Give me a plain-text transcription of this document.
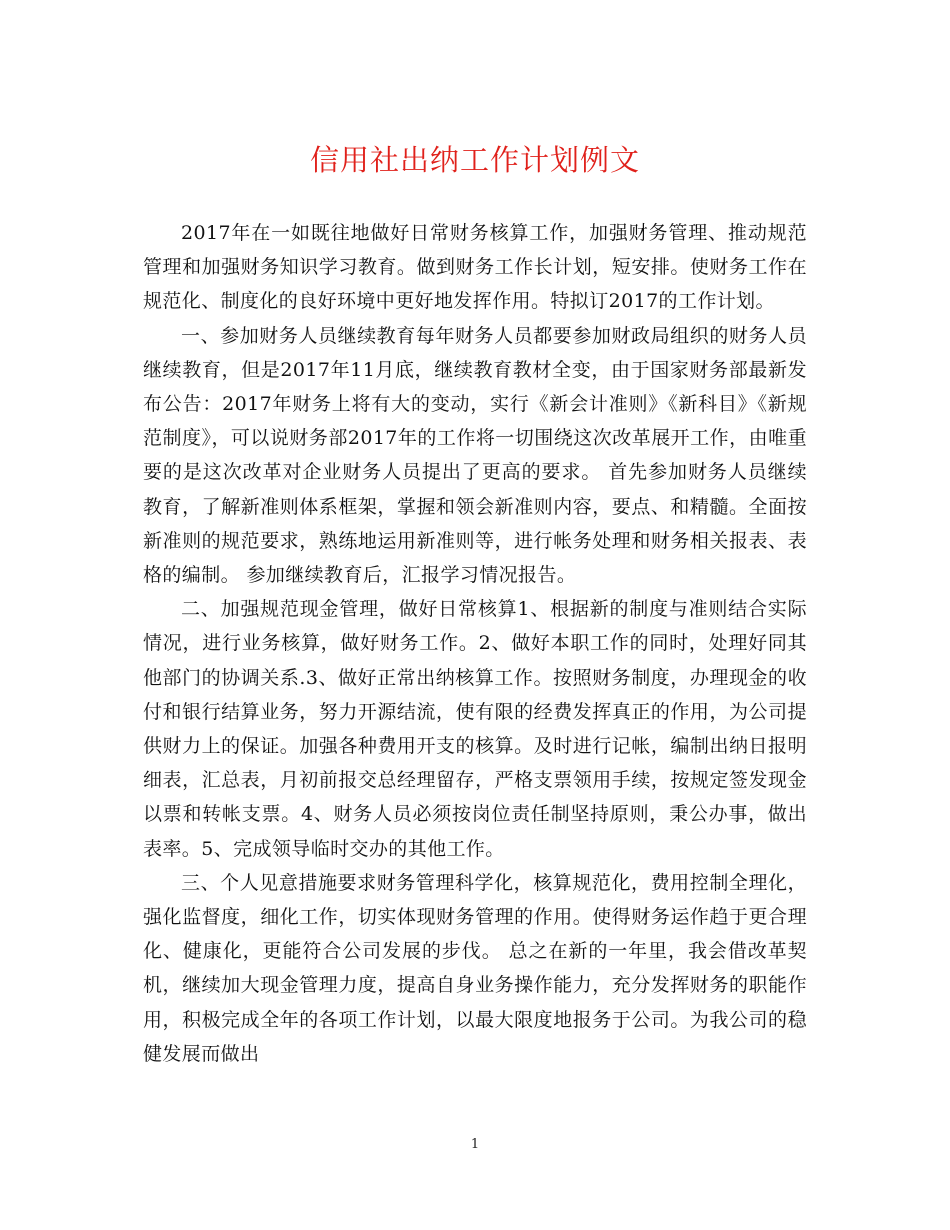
信用社出纳工作计划例文

2017年在一如既往地做好日常财务核算工作，加强财务管理、推动规范管理和加强财务知识学习教育。做到财务工作长计划，短安排。使财务工作在规范化、制度化的良好环境中更好地发挥作用。特拟订2017的工作计划。

一、参加财务人员继续教育每年财务人员都要参加财政局组织的财务人员继续教育，但是2017年11月底，继续教育教材全变，由于国家财务部最新发布公告：2017年财务上将有大的变动，实行《新会计准则》《新科目》《新规范制度》，可以说财务部2017年的工作将一切围绕这次改革展开工作，由唯重要的是这次改革对企业财务人员提出了更高的要求。 首先参加财务人员继续教育，了解新准则体系框架，掌握和领会新准则内容，要点、和精髓。全面按新准则的规范要求，熟练地运用新准则等，进行帐务处理和财务相关报表、表格的编制。 参加继续教育后，汇报学习情况报告。

二、加强规范现金管理，做好日常核算1、根据新的制度与准则结合实际情况，进行业务核算，做好财务工作。2、做好本职工作的同时，处理好同其他部门的协调关系.3、做好正常出纳核算工作。按照财务制度，办理现金的收付和银行结算业务，努力开源结流，使有限的经费发挥真正的作用，为公司提供财力上的保证。加强各种费用开支的核算。及时进行记帐，编制出纳日报明细表，汇总表，月初前报交总经理留存，严格支票领用手续，按规定签发现金以票和转帐支票。4、财务人员必须按岗位责任制坚持原则，秉公办事，做出表率。5、完成领导临时交办的其他工作。

三、个人见意措施要求财务管理科学化，核算规范化，费用控制全理化，强化监督度，细化工作，切实体现财务管理的作用。使得财务运作趋于更合理化、健康化，更能符合公司发展的步伐。 总之在新的一年里，我会借改革契机，继续加大现金管理力度，提高自身业务操作能力，充分发挥财务的职能作用，积极完成全年的各项工作计划，以最大限度地报务于公司。为我公司的稳健发展而做出

1
